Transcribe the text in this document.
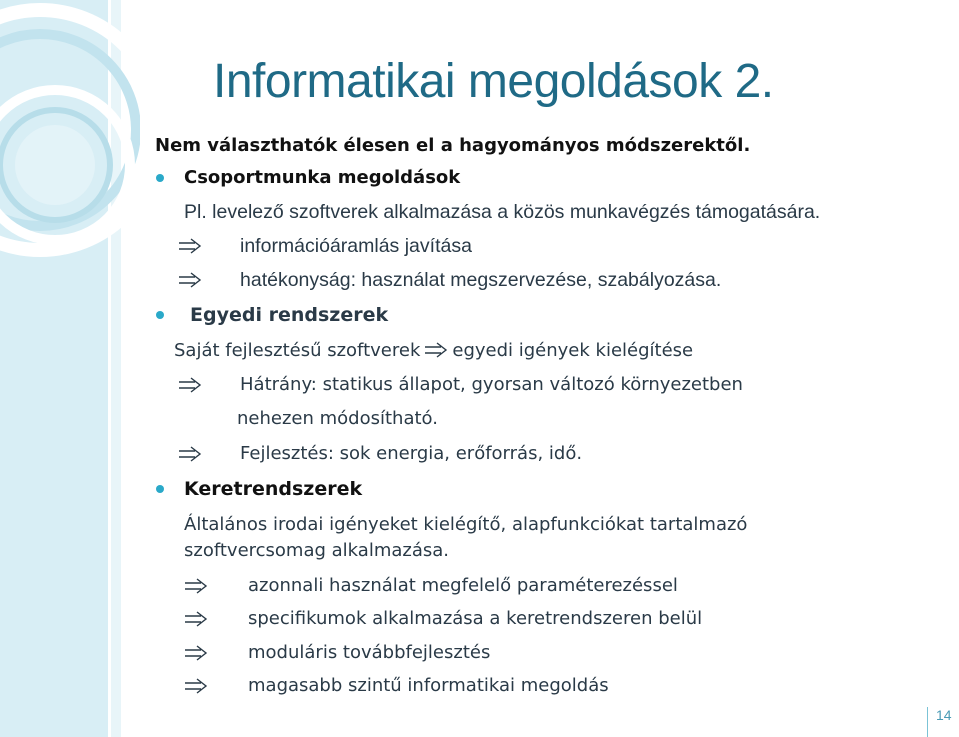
Informatikai megoldások 2.
Nem választhatók élesen el a hagyományos módszerektől.
Csoportmunka megoldások
Pl. levelező szoftverek alkalmazása a közös munkavégzés támogatására.
információáramlás javítása
hatékonyság: használat megszervezése, szabályozása.
Egyedi rendszerek
Saját fejlesztésű szoftverek egyedi igények kielégítése
Hátrány: statikus állapot, gyorsan változó környezetben
nehezen módosítható.
Fejlesztés: sok energia, erőforrás, idő.
Keretrendszerek
Általános irodai igényeket kielégítő, alapfunkciókat tartalmazó
szoftvercsomag alkalmazása.
azonnali használat megfelelő paraméterezéssel
specifikumok alkalmazása a keretrendszeren belül
moduláris továbbfejlesztés
magasabb szintű informatikai megoldás
14
